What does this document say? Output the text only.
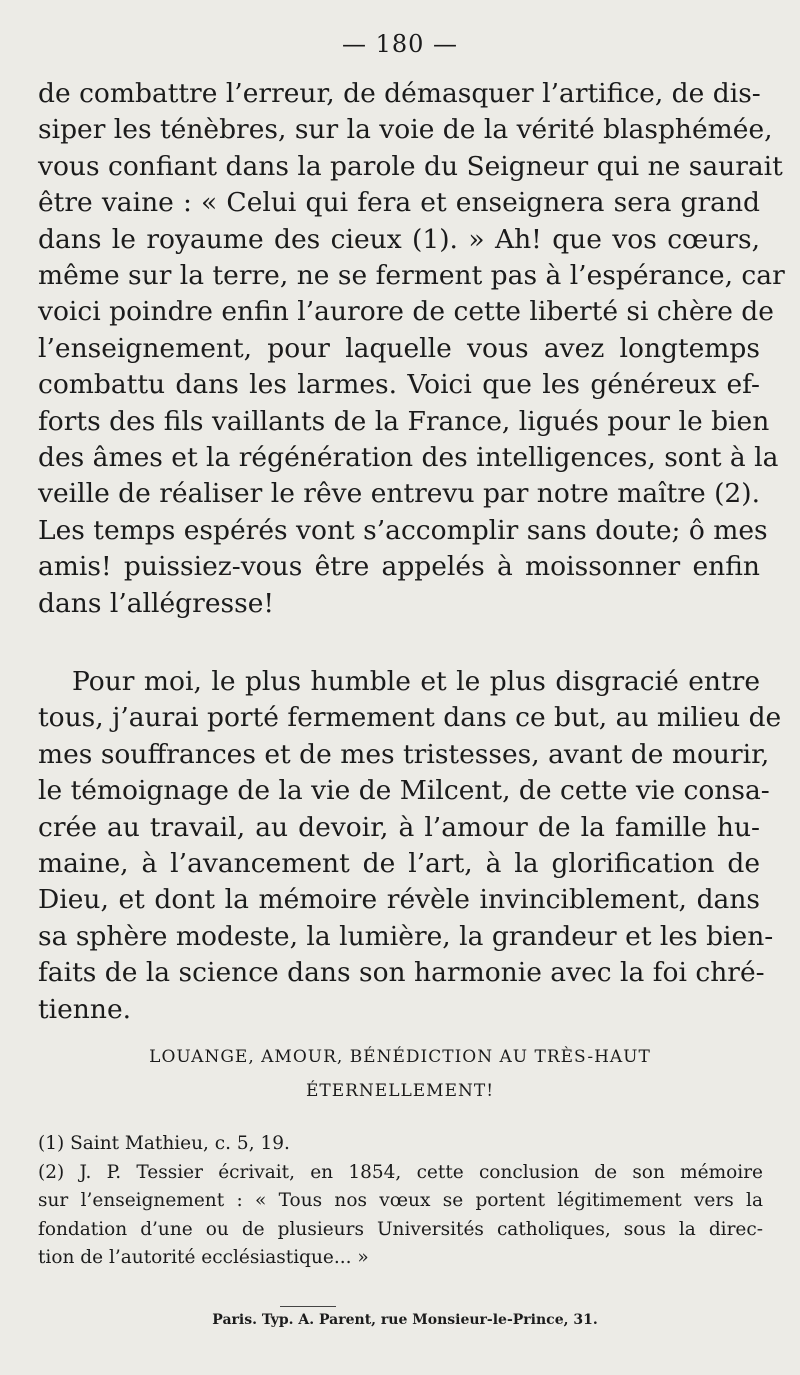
— 180 —
de combattre l’erreur, de démasquer l’artifice, de dis-
siper les ténèbres, sur la voie de la vérité blasphémée,
vous confiant dans la parole du Seigneur qui ne saurait
être vaine : « Celui qui fera et enseignera sera grand
dans le royaume des cieux (1). » Ah! que vos cœurs,
même sur la terre, ne se ferment pas à l’espérance, car
voici poindre enfin l’aurore de cette liberté si chère de
l’enseignement, pour laquelle vous avez longtemps
combattu dans les larmes. Voici que les généreux ef-
forts des fils vaillants de la France, ligués pour le bien
des âmes et la régénération des intelligences, sont à la
veille de réaliser le rêve entrevu par notre maître (2).
Les temps espérés vont s’accomplir sans doute; ô mes
amis! puissiez-vous être appelés à moissonner enfin
dans l’allégresse!
Pour moi, le plus humble et le plus disgracié entre
tous, j’aurai porté fermement dans ce but, au milieu de
mes souffrances et de mes tristesses, avant de mourir,
le témoignage de la vie de Milcent, de cette vie consa-
crée au travail, au devoir, à l’amour de la famille hu-
maine, à l’avancement de l’art, à la glorification de
Dieu, et dont la mémoire révèle invinciblement, dans
sa sphère modeste, la lumière, la grandeur et les bien-
faits de la science dans son harmonie avec la foi chré-
tienne.
LOUANGE, AMOUR, BÉNÉDICTION AU TRÈS-HAUT
ÉTERNELLEMENT!
(1) Saint Mathieu, c. 5, 19.
(2) J. P. Tessier écrivait, en 1854, cette conclusion de son mémoire
sur l’enseignement : « Tous nos vœux se portent légitimement vers la
fondation d’une ou de plusieurs Universités catholiques, sous la direc-
tion de l’autorité ecclésiastique... »
Paris. Typ. A. Parent, rue Monsieur-le-Prince, 31.
